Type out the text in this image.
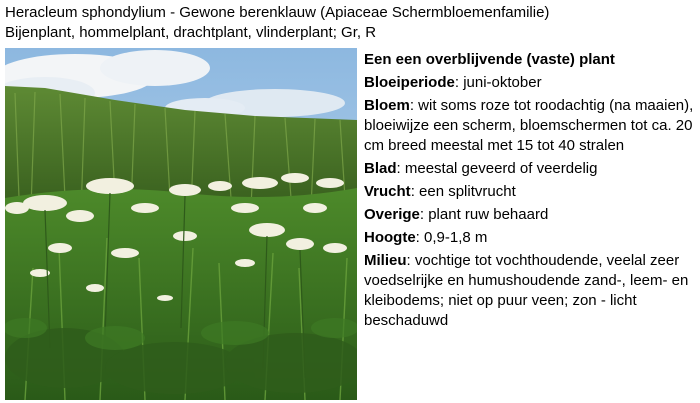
Heracleum sphondylium - Gewone berenklauw (Apiaceae Schermbloemenfamilie)
Bijenplant, hommelplant, drachtplant, vlinderplant; Gr, R

Een een overblijvende (vaste) plant

Bloeiperiode: juni-oktober

Bloem: wit soms roze tot roodachtig (na maaien), bloeiwijze een scherm, bloemschermen tot ca. 20 cm breed meestal met 15 tot 40 stralen

Blad: meestal geveerd of veerdelig

Vrucht: een splitvrucht

Overige: plant ruw behaard

Hoogte: 0,9-1,8 m

Milieu: vochtige tot vochthoudende, veelal zeer voedselrijke en humushoudende zand-, leem- en kleibodems; niet op puur veen; zon - licht beschaduwd
